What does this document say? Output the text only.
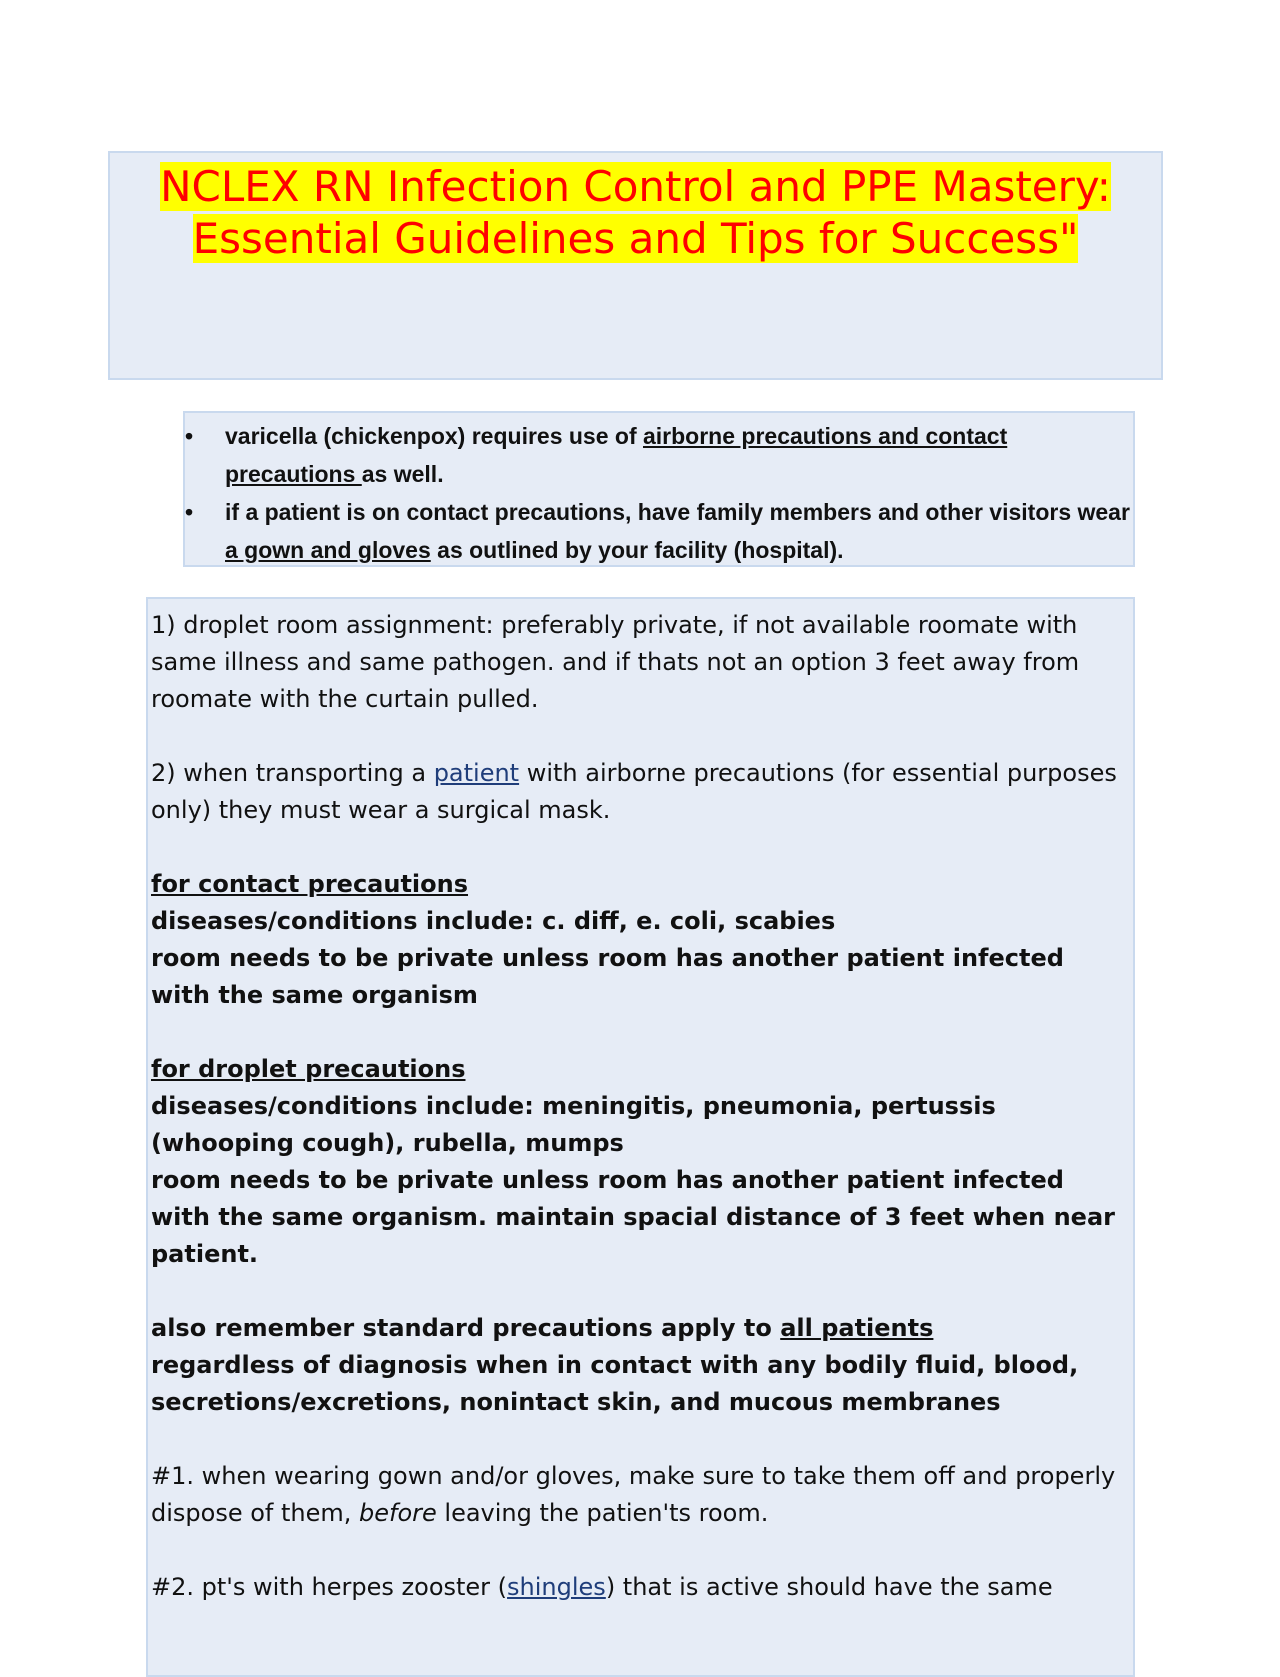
NCLEX RN Infection Control and PPE Mastery:
Essential Guidelines and Tips for Success"
• varicella (chickenpox) requires use of airborne precautions and contact precautions as well.
• if a patient is on contact precautions, have family members and other visitors wear a gown and gloves as outlined by your facility (hospital).

1) droplet room assignment: preferably private, if not available roomate with same illness and same pathogen. and if thats not an option 3 feet away from roomate with the curtain pulled.

2) when transporting a patient with airborne precautions (for essential purposes only) they must wear a surgical mask.

for contact precautions
diseases/conditions include: c. diff, e. coli, scabies
room needs to be private unless room has another patient infected with the same organism

for droplet precautions
diseases/conditions include: meningitis, pneumonia, pertussis (whooping cough), rubella, mumps
room needs to be private unless room has another patient infected with the same organism. maintain spacial distance of 3 feet when near patient.

also remember standard precautions apply to all patients
regardless of diagnosis when in contact with any bodily fluid, blood, secretions/excretions, nonintact skin, and mucous membranes

#1. when wearing gown and/or gloves, make sure to take them off and properly dispose of them, before leaving the patien'ts room.

#2. pt's with herpes zooster (shingles) that is active should have the same
